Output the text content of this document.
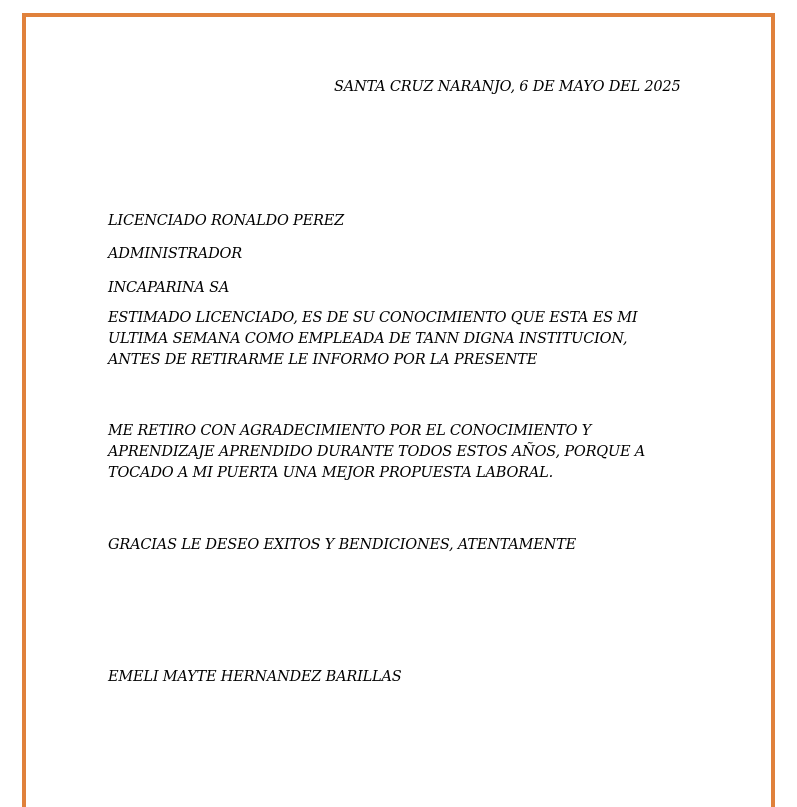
SANTA CRUZ NARANJO, 6 DE MAYO DEL 2025
LICENCIADO RONALDO PEREZ
ADMINISTRADOR
INCAPARINA SA
ESTIMADO LICENCIADO, ES DE SU CONOCIMIENTO QUE ESTA ES MI
ULTIMA SEMANA COMO EMPLEADA DE TANN DIGNA INSTITUCION,
ANTES DE RETIRARME LE INFORMO POR LA PRESENTE
ME RETIRO CON AGRADECIMIENTO POR EL CONOCIMIENTO Y
APRENDIZAJE APRENDIDO DURANTE TODOS ESTOS AÑOS, PORQUE A
TOCADO A MI PUERTA UNA MEJOR PROPUESTA LABORAL.
GRACIAS LE DESEO EXITOS Y BENDICIONES, ATENTAMENTE
EMELI MAYTE HERNANDEZ BARILLAS
